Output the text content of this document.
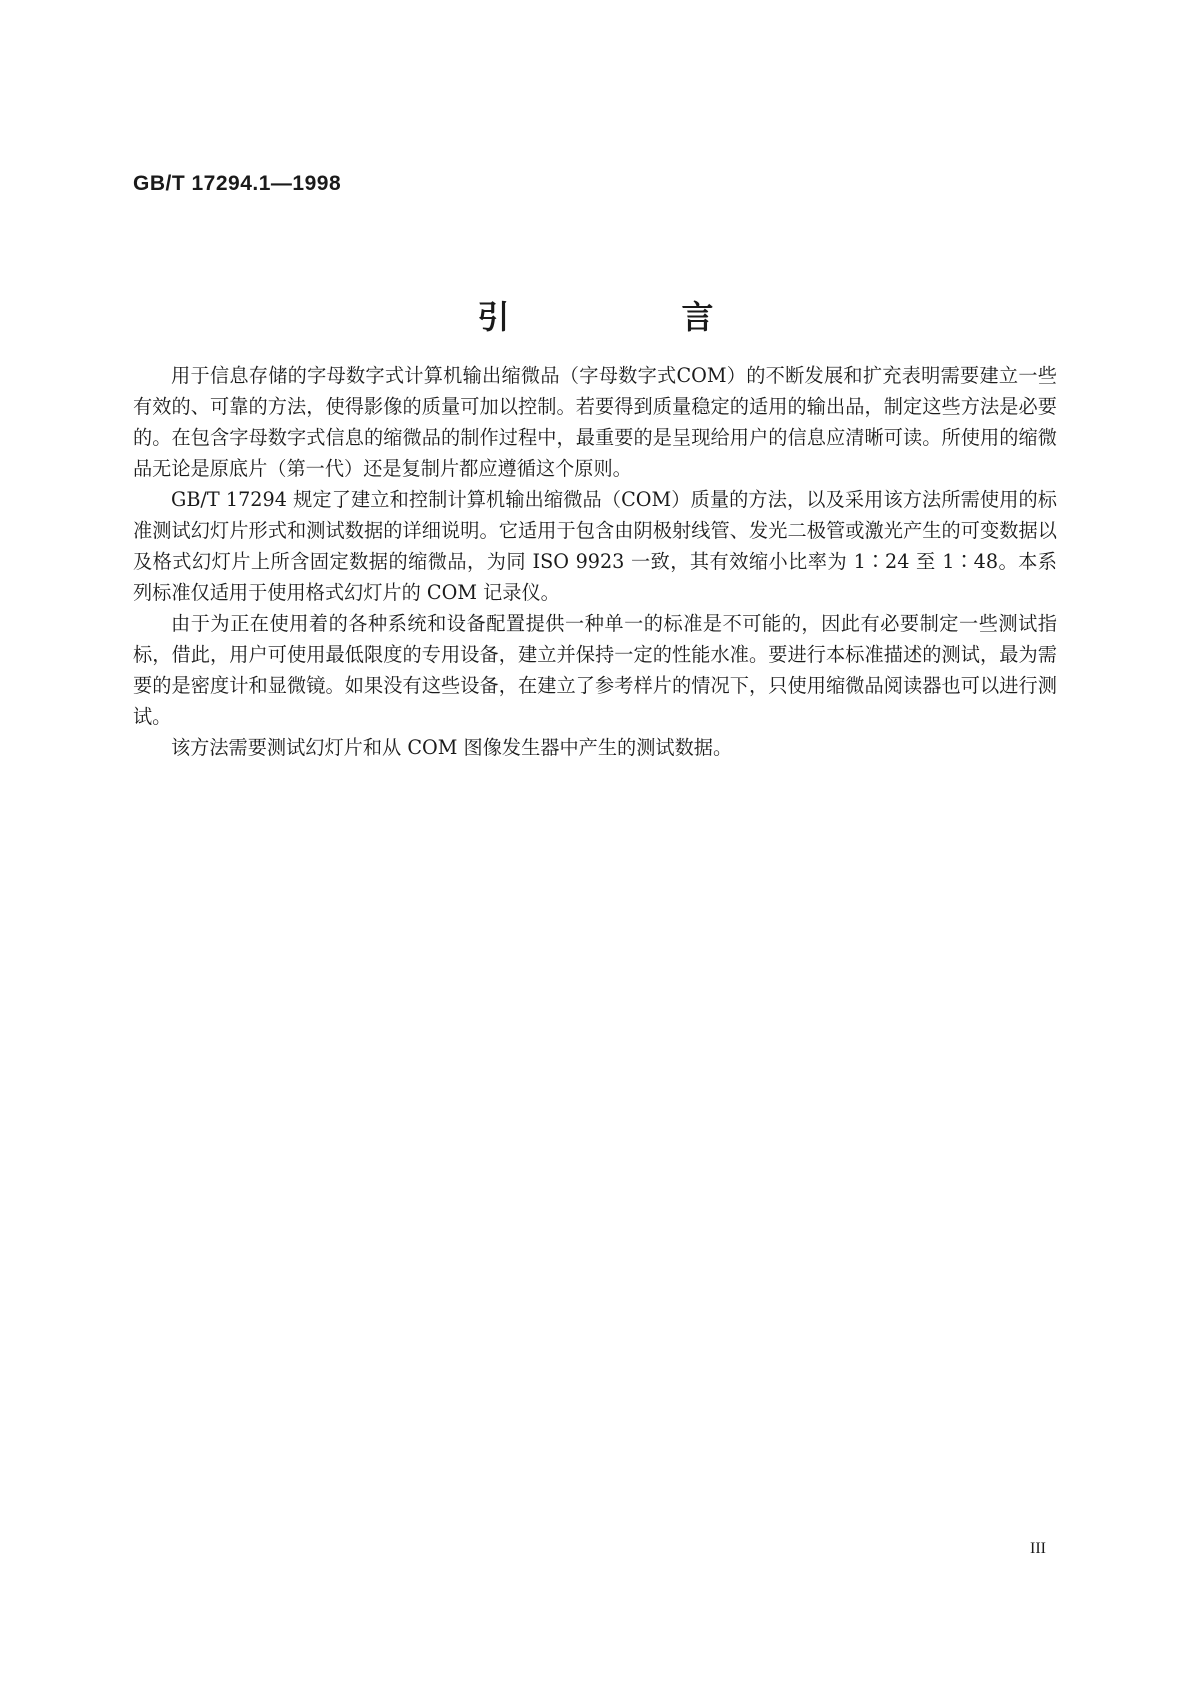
GB/T 17294.1—1998
引　言

用于信息存储的字母数字式计算机输出缩微品（字母数字式COM）的不断发展和扩充表明需要建立一些有效的、可靠的方法，使得影像的质量可加以控制。若要得到质量稳定的适用的输出品，制定这些方法是必要的。在包含字母数字式信息的缩微品的制作过程中，最重要的是呈现给用户的信息应清晰可读。所使用的缩微品无论是原底片（第一代）还是复制片都应遵循这个原则。

GB/T 17294 规定了建立和控制计算机输出缩微品（COM）质量的方法，以及采用该方法所需使用的标准测试幻灯片形式和测试数据的详细说明。它适用于包含由阴极射线管、发光二极管或激光产生的可变数据以及格式幻灯片上所含固定数据的缩微品，为同 ISO 9923 一致，其有效缩小比率为 1∶24 至 1∶48。本系列标准仅适用于使用格式幻灯片的 COM 记录仪。

由于为正在使用着的各种系统和设备配置提供一种单一的标准是不可能的，因此有必要制定一些测试指标，借此，用户可使用最低限度的专用设备，建立并保持一定的性能水准。要进行本标准描述的测试，最为需要的是密度计和显微镜。如果没有这些设备，在建立了参考样片的情况下，只使用缩微品阅读器也可以进行测试。

该方法需要测试幻灯片和从 COM 图像发生器中产生的测试数据。

III
